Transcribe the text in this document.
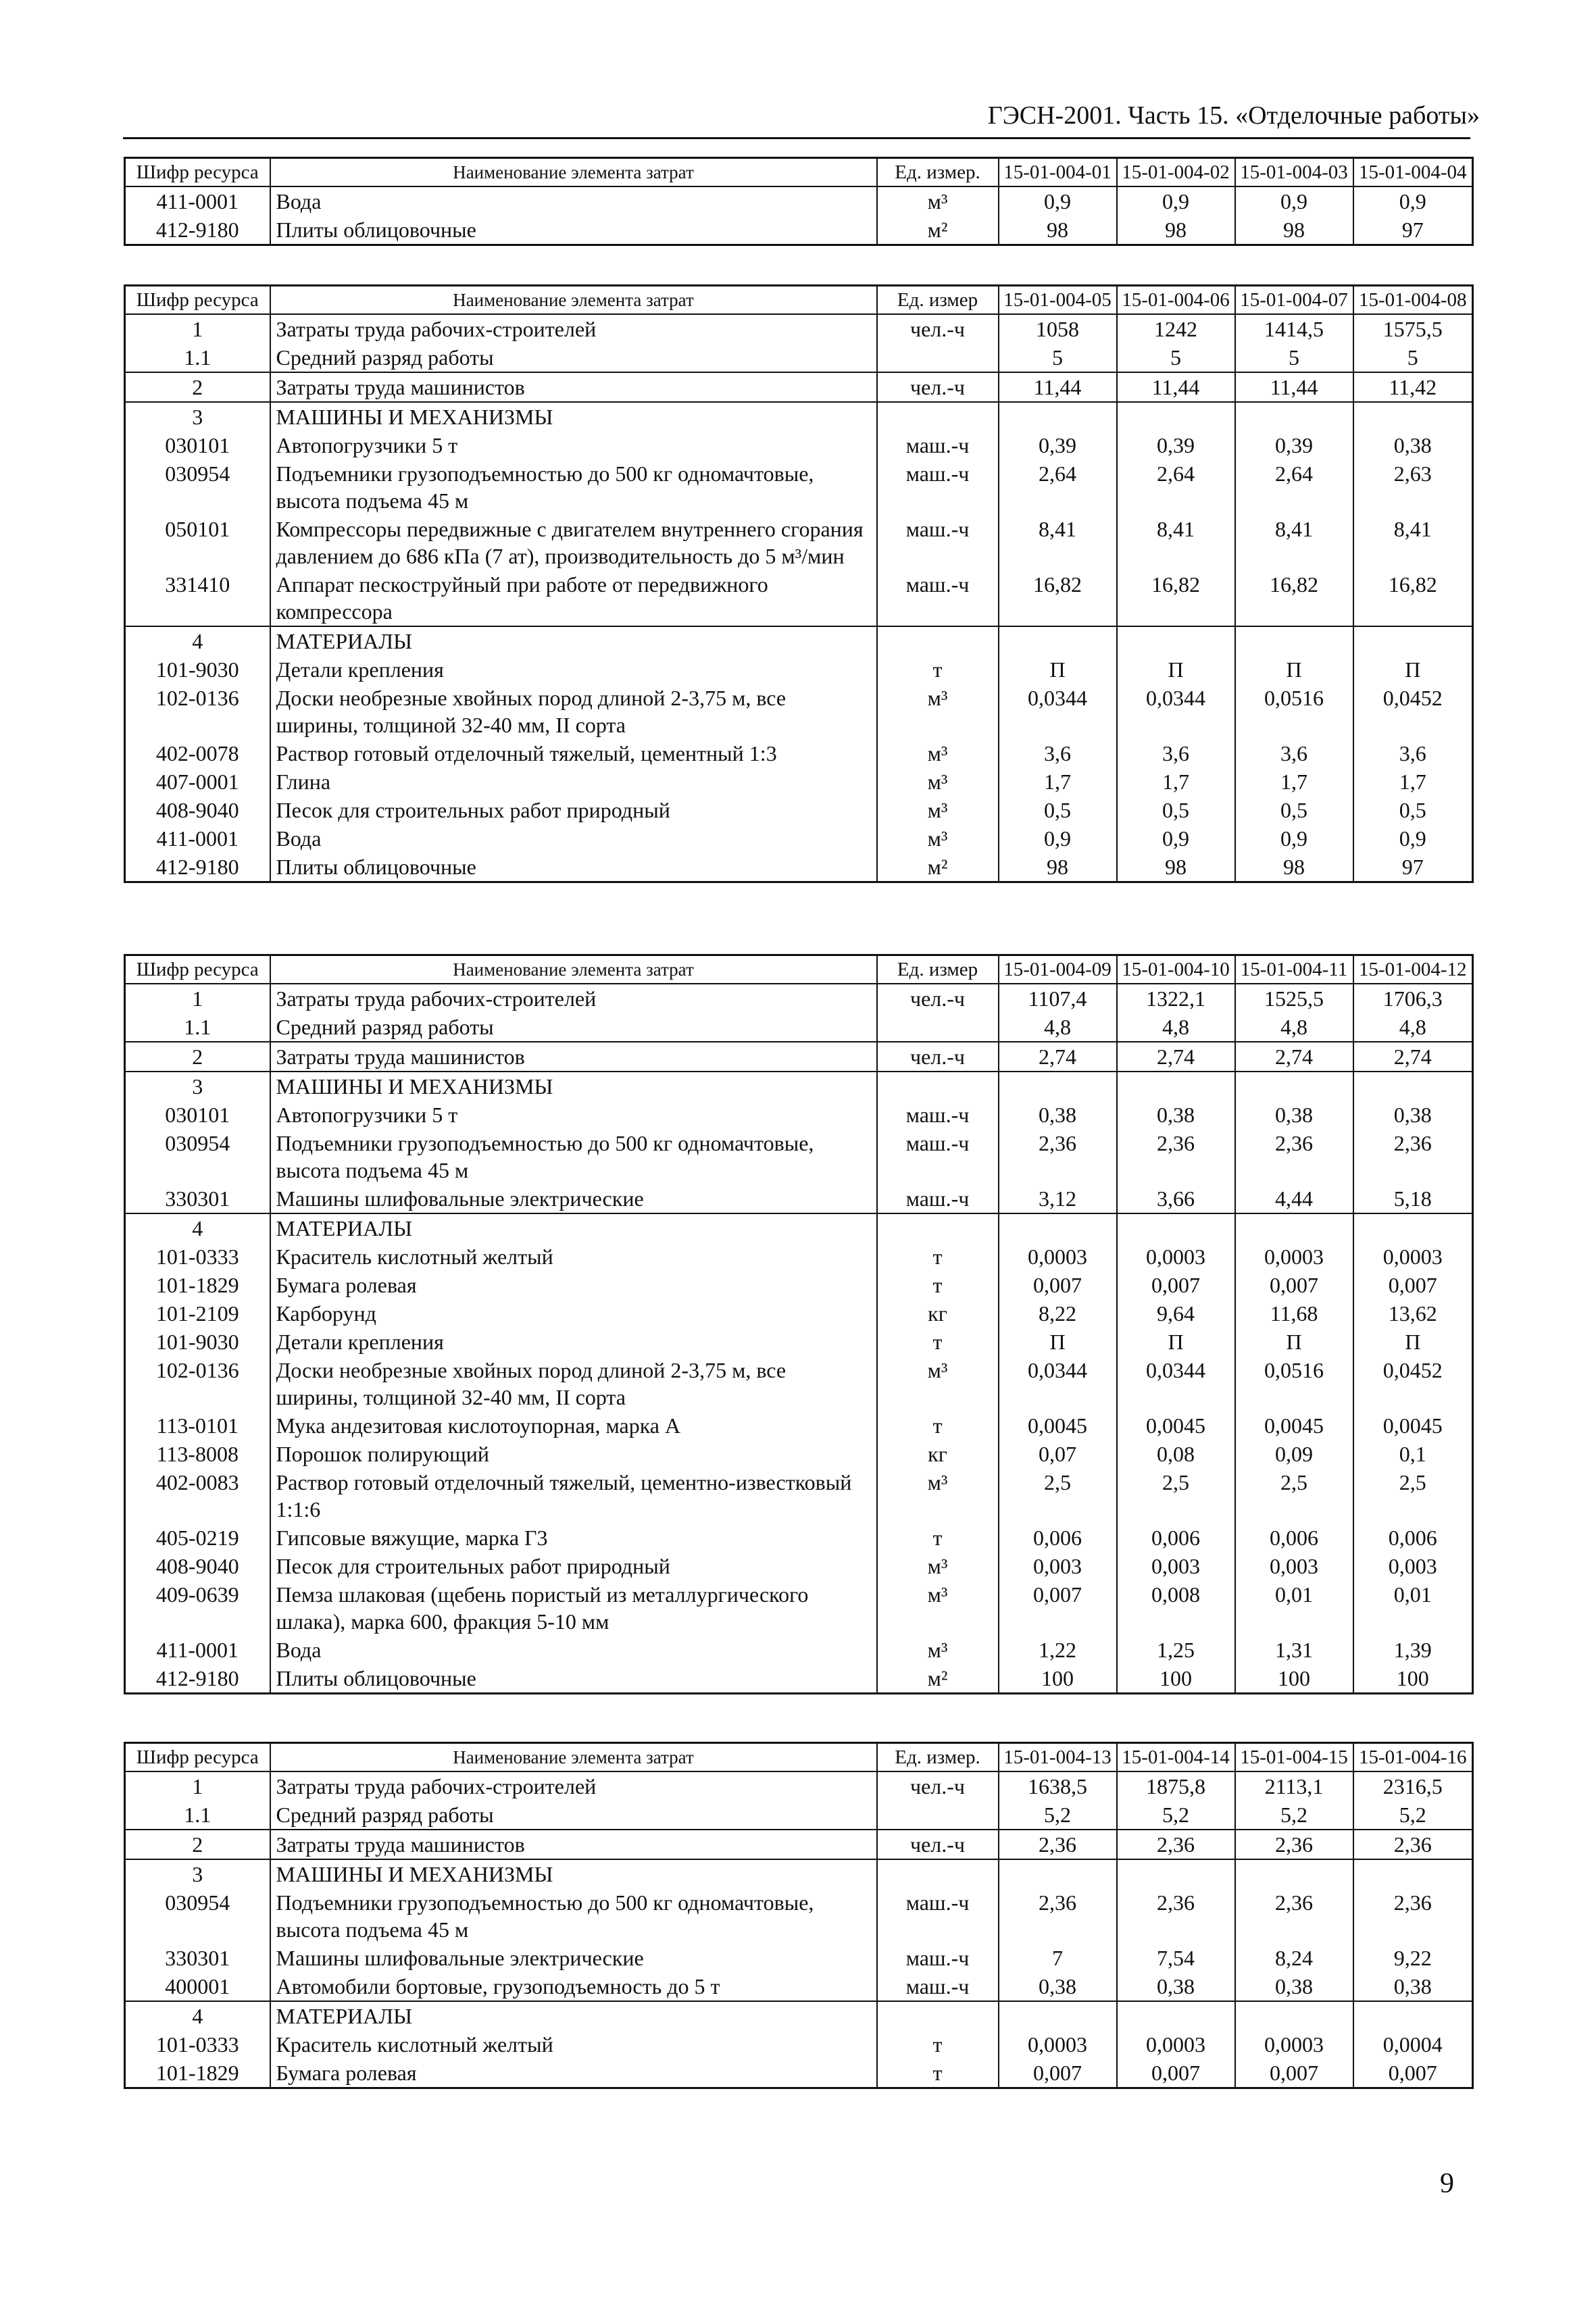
ГЭСН-2001. Часть 15. «Отделочные работы»
Шифр ресурса	Наименование элемента затрат	Ед. измер.	15-01-004-01	15-01-004-02	15-01-004-03	15-01-004-04
411-0001	Вода	м³	0,9	0,9	0,9	0,9
412-9180	Плиты облицовочные	м²	98	98	98	97
Шифр ресурса	Наименование элемента затрат	Ед. измер	15-01-004-05	15-01-004-06	15-01-004-07	15-01-004-08
1	Затраты труда рабочих-строителей	чел.-ч	1058	1242	1414,5	1575,5
1.1	Средний разряд работы		5	5	5	5
2	Затраты труда машинистов	чел.-ч	11,44	11,44	11,44	11,42
3	МАШИНЫ И МЕХАНИЗМЫ					
030101	Автопогрузчики 5 т	маш.-ч	0,39	0,39	0,39	0,38
030954	Подъемники грузоподъемностью до 500 кг одномачтовые, высота подъема 45 м	маш.-ч	2,64	2,64	2,64	2,63
050101	Компрессоры передвижные с двигателем внутреннего сгорания давлением до 686 кПа (7 ат), производительность до 5 м³/мин	маш.-ч	8,41	8,41	8,41	8,41
331410	Аппарат пескоструйный при работе от передвижного компрессора	маш.-ч	16,82	16,82	16,82	16,82
4	МАТЕРИАЛЫ					
101-9030	Детали крепления	т	П	П	П	П
102-0136	Доски необрезные хвойных пород длиной 2-3,75 м, все ширины, толщиной 32-40 мм, II сорта	м³	0,0344	0,0344	0,0516	0,0452
402-0078	Раствор готовый отделочный тяжелый, цементный 1:3	м³	3,6	3,6	3,6	3,6
407-0001	Глина	м³	1,7	1,7	1,7	1,7
408-9040	Песок для строительных работ природный	м³	0,5	0,5	0,5	0,5
411-0001	Вода	м³	0,9	0,9	0,9	0,9
412-9180	Плиты облицовочные	м²	98	98	98	97
Шифр ресурса	Наименование элемента затрат	Ед. измер	15-01-004-09	15-01-004-10	15-01-004-11	15-01-004-12
1	Затраты труда рабочих-строителей	чел.-ч	1107,4	1322,1	1525,5	1706,3
1.1	Средний разряд работы		4,8	4,8	4,8	4,8
2	Затраты труда машинистов	чел.-ч	2,74	2,74	2,74	2,74
3	МАШИНЫ И МЕХАНИЗМЫ					
030101	Автопогрузчики 5 т	маш.-ч	0,38	0,38	0,38	0,38
030954	Подъемники грузоподъемностью до 500 кг одномачтовые, высота подъема 45 м	маш.-ч	2,36	2,36	2,36	2,36
330301	Машины шлифовальные электрические	маш.-ч	3,12	3,66	4,44	5,18
4	МАТЕРИАЛЫ					
101-0333	Краситель кислотный желтый	т	0,0003	0,0003	0,0003	0,0003
101-1829	Бумага ролевая	т	0,007	0,007	0,007	0,007
101-2109	Карборунд	кг	8,22	9,64	11,68	13,62
101-9030	Детали крепления	т	П	П	П	П
102-0136	Доски необрезные хвойных пород длиной 2-3,75 м, все ширины, толщиной 32-40 мм, II сорта	м³	0,0344	0,0344	0,0516	0,0452
113-0101	Мука андезитовая кислотоупорная, марка А	т	0,0045	0,0045	0,0045	0,0045
113-8008	Порошок полирующий	кг	0,07	0,08	0,09	0,1
402-0083	Раствор готовый отделочный тяжелый, цементно-известковый 1:1:6	м³	2,5	2,5	2,5	2,5
405-0219	Гипсовые вяжущие, марка Г3	т	0,006	0,006	0,006	0,006
408-9040	Песок для строительных работ природный	м³	0,003	0,003	0,003	0,003
409-0639	Пемза шлаковая (щебень пористый из металлургического шлака), марка 600, фракция 5-10 мм	м³	0,007	0,008	0,01	0,01
411-0001	Вода	м³	1,22	1,25	1,31	1,39
412-9180	Плиты облицовочные	м²	100	100	100	100
Шифр ресурса	Наименование элемента затрат	Ед. измер.	15-01-004-13	15-01-004-14	15-01-004-15	15-01-004-16
1	Затраты труда рабочих-строителей	чел.-ч	1638,5	1875,8	2113,1	2316,5
1.1	Средний разряд работы		5,2	5,2	5,2	5,2
2	Затраты труда машинистов	чел.-ч	2,36	2,36	2,36	2,36
3	МАШИНЫ И МЕХАНИЗМЫ					
030954	Подъемники грузоподъемностью до 500 кг одномачтовые, высота подъема 45 м	маш.-ч	2,36	2,36	2,36	2,36
330301	Машины шлифовальные электрические	маш.-ч	7	7,54	8,24	9,22
400001	Автомобили бортовые, грузоподъемность до 5 т	маш.-ч	0,38	0,38	0,38	0,38
4	МАТЕРИАЛЫ					
101-0333	Краситель кислотный желтый	т	0,0003	0,0003	0,0003	0,0004
101-1829	Бумага ролевая	т	0,007	0,007	0,007	0,007
9
